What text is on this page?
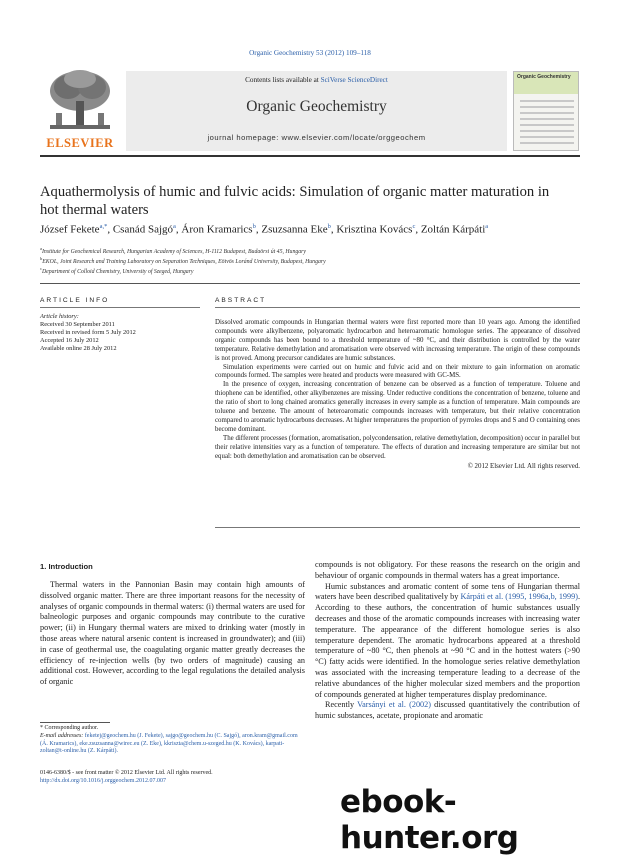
Organic Geochemistry 53 (2012) 109–118
ELSEVIER
Contents lists available at SciVerse ScienceDirect
Organic Geochemistry
journal homepage: www.elsevier.com/locate/orggeochem
Organic Geochemistry
Aquathermolysis of humic and fulvic acids: Simulation of organic matter maturation in hot thermal waters
József Fekete$^{a,*}$, Csanád Sajgó$^a$, Áron Kramarics$^b$, Zsuzsanna Eke$^b$, Krisztina Kovács$^c$, Zoltán Kárpáti$^a$
$^a$Institute for Geochemical Research, Hungarian Academy of Sciences, H-1112 Budapest, Budaörsi út 45, Hungary
$^b$EKOL, Joint Research and Training Laboratory on Separation Techniques, Eötvös Loránd University, Budapest, Hungary
$^c$Department of Colloid Chemistry, University of Szeged, Hungary
ARTICLE INFO
Article history:
Received 30 September 2011
Received in revised form 5 July 2012
Accepted 16 July 2012
Available online 28 July 2012
ABSTRACT

Dissolved aromatic compounds in Hungarian thermal waters were first reported more than 10 years ago. Among the identified compounds were alkylbenzene, polyaromatic hydrocarbon and heteroaromatic homologue series. The appearance of dissolved organic compounds has been bound to a threshold temperature of ~80 °C, and their distribution is controlled by the water temperature. Relative demethylation and aromatisation were observed with increasing temperature. The origin of these compounds is not proved. Among precursor candidates are humic substances.

Simulation experiments were carried out on humic and fulvic acid and on their mixture to gain information on aromatic compounds formed. The samples were heated and products were measured with GC-MS.

In the presence of oxygen, increasing concentration of benzene can be observed as a function of temperature. Toluene and thiophene can be identified, other alkylbenzenes are missing. Under reductive conditions the concentration of benzene, toluene and the ratio of short to long chained aromatics generally increases in every sample as a function of temperature. Main compounds are toluene and benzene. The amount of heteroaromatic compounds increases with temperature, but their relative concentration compared to aromatic hydrocarbons decreases. At higher temperatures the proportion of pyrroles drops and S and O containing ones become dominant.

The different processes (formation, aromatisation, polycondensation, relative demethylation, decomposition) occur in parallel but their relative intensities vary as a function of temperature. The effects of duration and increasing temperature are similar but not equal: both demethylation and aromatisation can be observed.

© 2012 Elsevier Ltd. All rights reserved.
1. Introduction
Thermal waters in the Pannonian Basin may contain high amounts of dissolved organic matter. There are three important reasons for the necessity of analyses of organic compounds in thermal waters: (i) thermal waters are used for balneologic purposes and organic compounds may contribute to the curative power; (ii) in Hungary thermal waters are mixed to drinking water (mostly in those areas where natural arsenic content is increased in groundwater); and (iii) in case of geothermal use, the coagulating organic matter greatly decreases the efficiency of re-injection wells (by two orders of magnitude) causing an additional cost. However, according to the legal regulations the detailed analysis of organic

compounds is not obligatory. For these reasons the research on the origin and behaviour of organic compounds in thermal waters has a great importance.

Humic substances and aromatic content of some tens of Hungarian thermal waters have been described qualitatively by Kárpáti et al. (1995, 1996a,b, 1999). According to these authors, the concentration of humic substances usually decreases and those of the aromatic compounds increases with increasing water temperature. The appearance of the different homologue series is also temperature dependent. The aromatic hydrocarbons appeared at a threshold temperature of ~80 °C, then phenols at ~90 °C and in the hottest waters (>90 °C) fatty acids were identified. In the homologue series relative demethylation was associated with the increasing temperature leading to a decrease of the relative abundances of the higher molecular sized members and the proportion of compounds generated at higher temperatures display predominance.

Recently Varsányi et al. (2002) discussed quantitatively the contribution of humic substances, acetate, propionate and aromatic

* Corresponding author.
E-mail addresses: feketej@geochem.hu (J. Fekete), sajgo@geochem.hu (C. Sajgó), aron.kram@gmail.com (Á. Kramarics), eke.zsuzsanna@wirec.eu (Z. Eke), kkriszta@chem.u-szeged.hu (K. Kovács), karpati-zoltan@t-online.hu (Z. Kárpáti).
0146-6380/$ - see front matter © 2012 Elsevier Ltd. All rights reserved.
http://dx.doi.org/10.1016/j.orggeochem.2012.07.007
ebook-hunter.org
